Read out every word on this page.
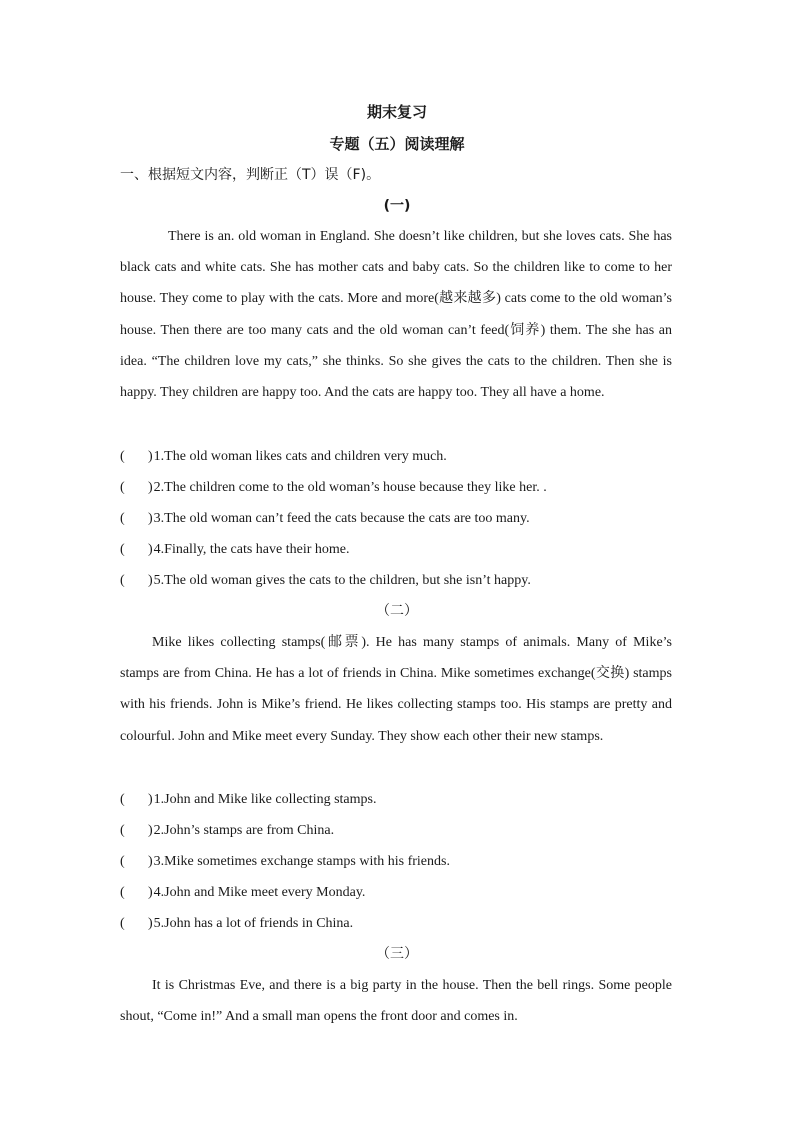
期末复习
专题（五）阅读理解

一、根据短文内容，判断正（T）误（F)。

(一)

There is an. old woman in England. She doesn’t like children, but she loves cats. She has black cats and white cats. She has mother cats and baby cats. So the children like to come to her house. They come to play with the cats. More and more(越来越多) cats come to the old woman’s house. Then there are too many cats and the old woman can’t feed(饲养) them. The she has an idea. “The children love my cats,” she thinks. So she gives the cats to the children. Then she is happy. They children are happy too. And the cats are happy too. They all have a home.

( )1.The old woman likes cats and children very much.
( )2.The children come to the old woman’s house because they like her. .
( )3.The old woman can’t feed the cats because the cats are too many.
( )4.Finally, the cats have their home.
( )5.The old woman gives the cats to the children, but she isn’t happy.
（二）

Mike likes collecting stamps(邮票). He has many stamps of animals. Many of Mike’s stamps are from China. He has a lot of friends in China. Mike sometimes exchange(交换) stamps with his friends. John is Mike’s friend. He likes collecting stamps too. His stamps are pretty and colourful. John and Mike meet every Sunday. They show each other their new stamps.

( )1.John and Mike like collecting stamps.
( )2.John’s stamps are from China.
( )3.Mike sometimes exchange stamps with his friends.
( )4.John and Mike meet every Monday.
( )5.John has a lot of friends in China.
（三）

It is Christmas Eve, and there is a big party in the house. Then the bell rings. Some people shout, “Come in!” And a small man opens the front door and comes in.
